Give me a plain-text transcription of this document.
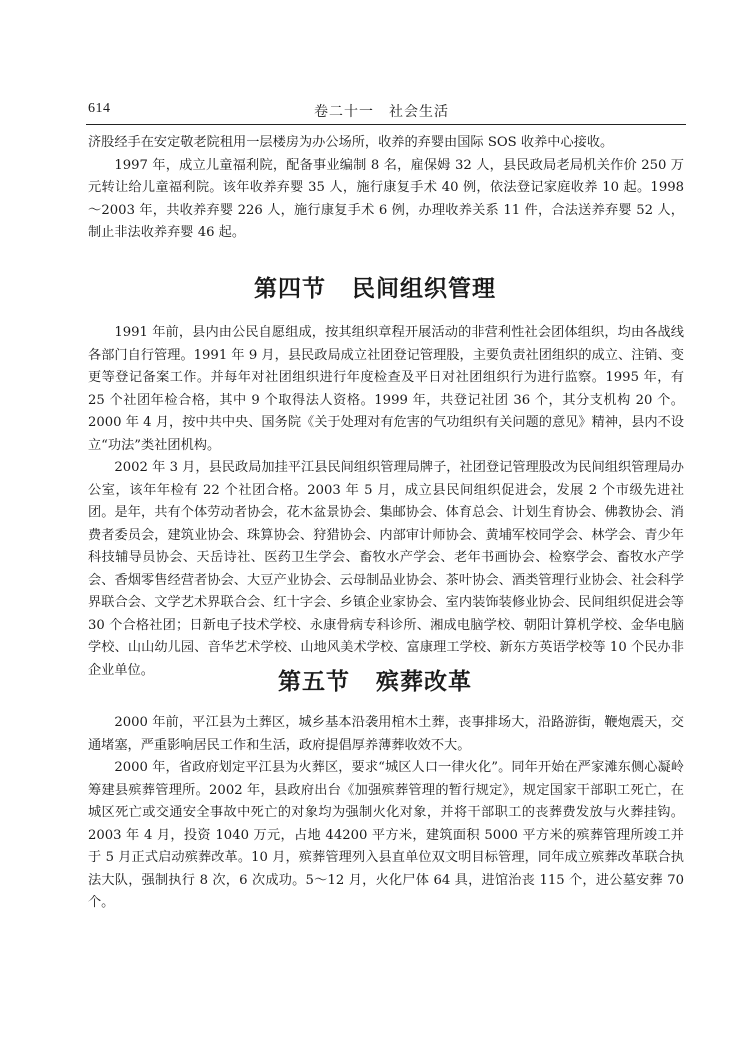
614	卷二十一　社会生活

济股经手在安定敬老院租用一层楼房为办公场所，收养的弃婴由国际 SOS 收养中心接收。

1997 年，成立儿童福利院，配备事业编制 8 名，雇保姆 32 人，县民政局老局机关作价 250 万元转让给儿童福利院。该年收养弃婴 35 人，施行康复手术 40 例，依法登记家庭收养 10 起。1998～2003 年，共收养弃婴 226 人，施行康复手术 6 例，办理收养关系 11 件，合法送养弃婴 52 人，制止非法收养弃婴 46 起。

第四节 民间组织管理

1991 年前，县内由公民自愿组成，按其组织章程开展活动的非营利性社会团体组织，均由各战线各部门自行管理。1991 年 9 月，县民政局成立社团登记管理股，主要负责社团组织的成立、注销、变更等登记备案工作。并每年对社团组织进行年度检查及平日对社团组织行为进行监察。1995 年，有 25 个社团年检合格，其中 9 个取得法人资格。1999 年，共登记社团 36 个，其分支机构 20 个。2000 年 4 月，按中共中央、国务院《关于处理对有危害的气功组织有关问题的意见》精神，县内不设立“功法”类社团机构。

2002 年 3 月，县民政局加挂平江县民间组织管理局牌子，社团登记管理股改为民间组织管理局办公室，该年年检有 22 个社团合格。2003 年 5 月，成立县民间组织促进会，发展 2 个市级先进社团。是年，共有个体劳动者协会，花木盆景协会、集邮协会、体育总会、计划生育协会、佛教协会、消费者委员会，建筑业协会、珠算协会、狩猎协会、内部审计师协会、黄埔军校同学会、林学会、青少年科技辅导员协会、天岳诗社、医药卫生学会、畜牧水产学会、老年书画协会、检察学会、畜牧水产学会、香烟零售经营者协会、大豆产业协会、云母制品业协会、茶叶协会、酒类管理行业协会、社会科学界联合会、文学艺术界联合会、红十字会、乡镇企业家协会、室内装饰装修业协会、民间组织促进会等 30 个合格社团；日新电子技术学校、永康骨病专科诊所、湘成电脑学校、朝阳计算机学校、金华电脑学校、山山幼儿园、音华艺术学校、山地风美术学校、富康理工学校、新东方英语学校等 10 个民办非企业单位。	第五节 殡葬改革

2000 年前，平江县为土葬区，城乡基本沿袭用棺木土葬，丧事排场大，沿路游街，鞭炮震天，交通堵塞，严重影响居民工作和生活，政府提倡厚养薄葬收效不大。

2000 年，省政府划定平江县为火葬区，要求“城区人口一律火化”。同年开始在严家滩东侧心凝岭筹建县殡葬管理所。2002 年，县政府出台《加强殡葬管理的暂行规定》，规定国家干部职工死亡，在城区死亡或交通安全事故中死亡的对象均为强制火化对象，并将干部职工的丧葬费发放与火葬挂钩。2003 年 4 月，投资 1040 万元，占地 44200 平方米，建筑面积 5000 平方米的殡葬管理所竣工并于 5 月正式启动殡葬改革。10 月，殡葬管理列入县直单位双文明目标管理，同年成立殡葬改革联合执法大队，强制执行 8 次，6 次成功。5～12 月，火化尸体 64 具，进馆治丧 115 个，进公墓安葬 70 个。
